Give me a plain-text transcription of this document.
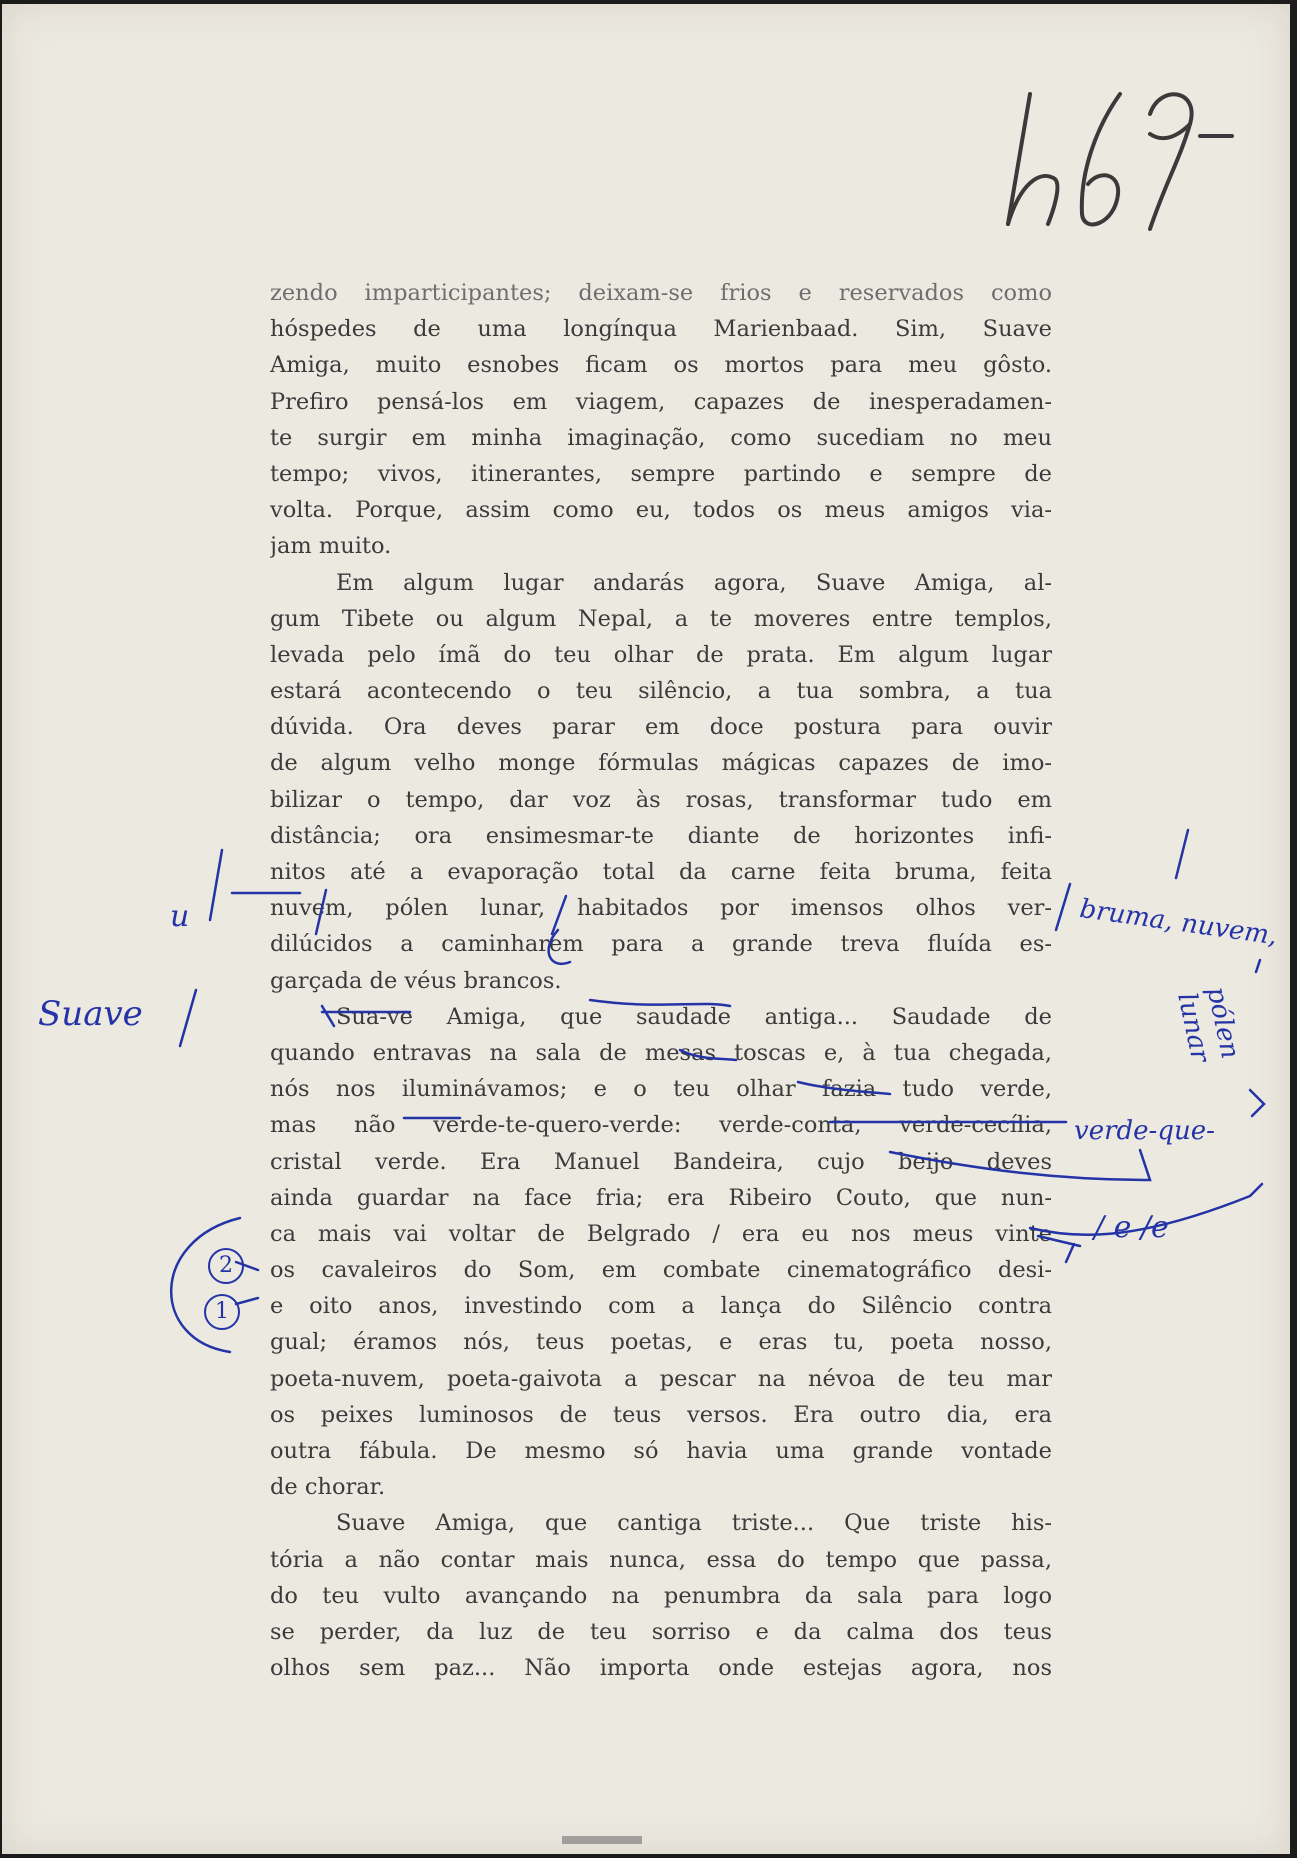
zendo imparticipantes; deixam-se frios e reservados como
hóspedes de uma longínqua Marienbaad. Sim, Suave
Amiga, muito esnobes ficam os mortos para meu gôsto.
Prefiro pensá-los em viagem, capazes de inesperadamen-
te surgir em minha imaginação, como sucediam no meu
tempo; vivos, itinerantes, sempre partindo e sempre de
volta. Porque, assim como eu, todos os meus amigos via-
jam muito.
Em algum lugar andarás agora, Suave Amiga, al-
gum Tibete ou algum Nepal, a te moveres entre templos,
levada pelo ímã do teu olhar de prata. Em algum lugar
estará acontecendo o teu silêncio, a tua sombra, a tua
dúvida. Ora deves parar em doce postura para ouvir
de algum velho monge fórmulas mágicas capazes de imo-
bilizar o tempo, dar voz às rosas, transformar tudo em
distância; ora ensimesmar-te diante de horizontes infi-
nitos até a evaporação total da carne feita bruma, feita
nuvem, pólen lunar, habitados por imensos olhos ver-
dilúcidos a caminharem para a grande treva fluída es-
garçada de véus brancos.
Sua-ve Amiga, que saudade antiga... Saudade de
quando entravas na sala de mesas toscas e, à tua chegada,
nós nos iluminávamos; e o teu olhar fazia tudo verde,
mas não verde-te-quero-verde: verde-conta, verde-cecília,
cristal verde. Era Manuel Bandeira, cujo beijo deves
ainda guardar na face fria; era Ribeiro Couto, que nun-
ca mais vai voltar de Belgrado / era eu nos meus vinte
os cavaleiros do Som, em combate cinematográfico desi-
e oito anos, investindo com a lança do Silêncio contra
gual; éramos nós, teus poetas, e eras tu, poeta nosso,
poeta-nuvem, poeta-gaivota a pescar na névoa de teu mar
os peixes luminosos de teus versos. Era outro dia, era
outra fábula. De mesmo só havia uma grande vontade
de chorar.
Suave Amiga, que cantiga triste... Que triste his-
tória a não contar mais nunca, essa do tempo que passa,
do teu vulto avançando na penumbra da sala para logo
se perder, da luz de teu sorriso e da calma dos teus
olhos sem paz... Não importa onde estejas agora, nos
u
Suave
bruma, nuvem,
pólen lunar
verde-que-
/ e /e
2
1
